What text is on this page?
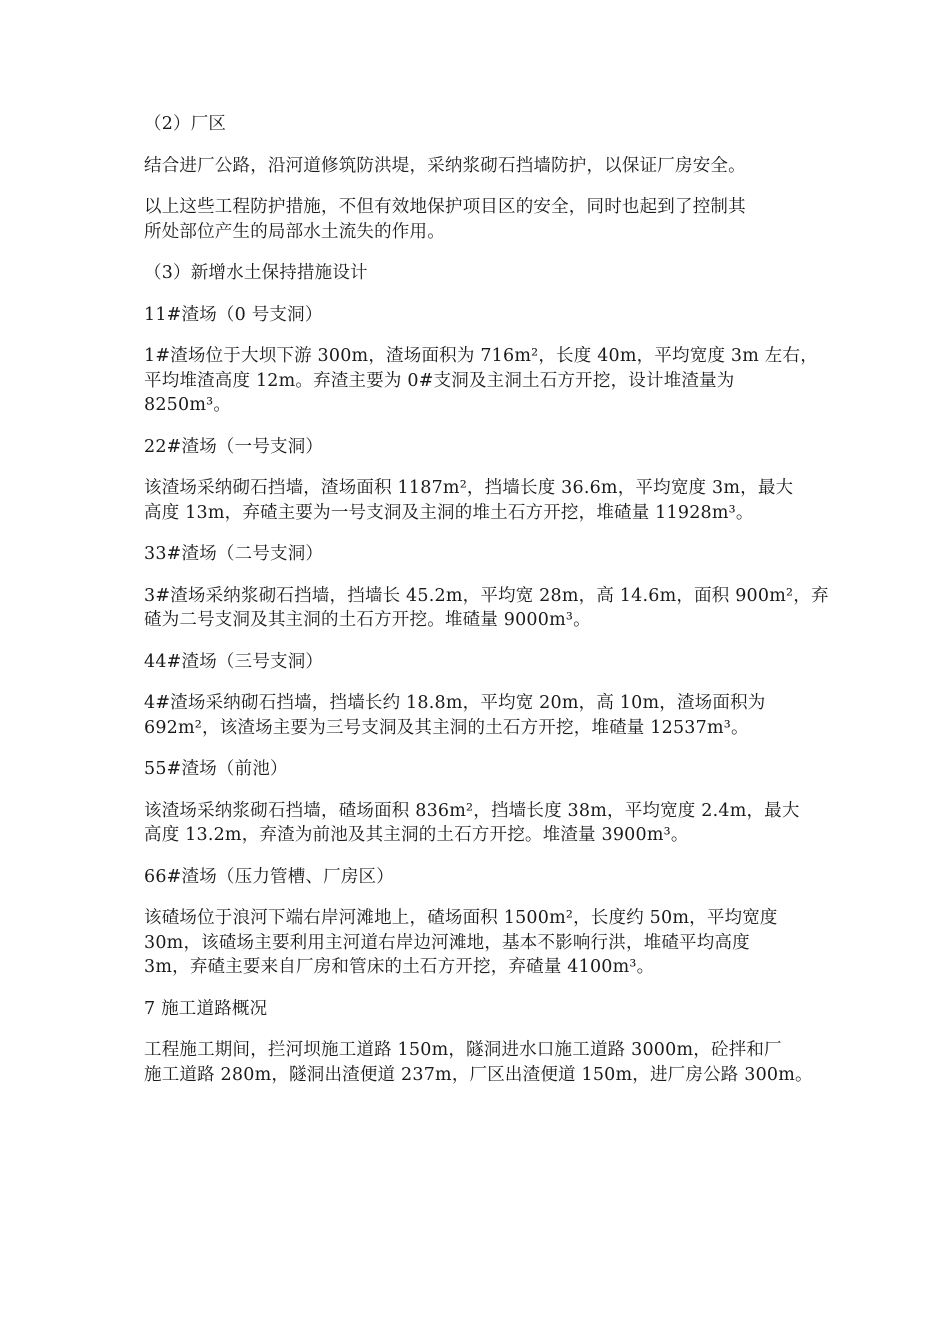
（2）厂区
结合进厂公路，沿河道修筑防洪堤，采纳浆砌石挡墙防护，以保证厂房安全。
以上这些工程防护措施，不但有效地保护项目区的安全，同时也起到了控制其
所处部位产生的局部水土流失的作用。
（3）新增水土保持措施设计
11#渣场（0 号支洞）
1#渣场位于大坝下游 300m，渣场面积为 716m²，长度 40m，平均宽度 3m 左右，
平均堆渣高度 12m。弃渣主要为 0#支洞及主洞土石方开挖，设计堆渣量为
8250m³。
22#渣场（一号支洞）
该渣场采纳砌石挡墙，渣场面积 1187m²，挡墙长度 36.6m，平均宽度 3m，最大
高度 13m，弃碴主要为一号支洞及主洞的堆土石方开挖，堆碴量 11928m³。
33#渣场（二号支洞）
3#渣场采纳浆砌石挡墙，挡墙长 45.2m，平均宽 28m，高 14.6m，面积 900m²，弃
碴为二号支洞及其主洞的土石方开挖。堆碴量 9000m³。
44#渣场（三号支洞）
4#渣场采纳砌石挡墙，挡墙长约 18.8m，平均宽 20m，高 10m，渣场面积为
692m²，该渣场主要为三号支洞及其主洞的土石方开挖，堆碴量 12537m³。
55#渣场（前池）
该渣场采纳浆砌石挡墙，碴场面积 836m²，挡墙长度 38m，平均宽度 2.4m，最大
高度 13.2m，弃渣为前池及其主洞的土石方开挖。堆渣量 3900m³。
66#渣场（压力管槽、厂房区）
该碴场位于浪河下端右岸河滩地上，碴场面积 1500m²，长度约 50m，平均宽度
30m，该碴场主要利用主河道右岸边河滩地，基本不影响行洪，堆碴平均高度
3m，弃碴主要来自厂房和管床的土石方开挖，弃碴量 4100m³。
7 施工道路概况
工程施工期间，拦河坝施工道路 150m，隧洞进水口施工道路 3000m，砼拌和厂
施工道路 280m，隧洞出渣便道 237m，厂区出渣便道 150m，进厂房公路 300m。
